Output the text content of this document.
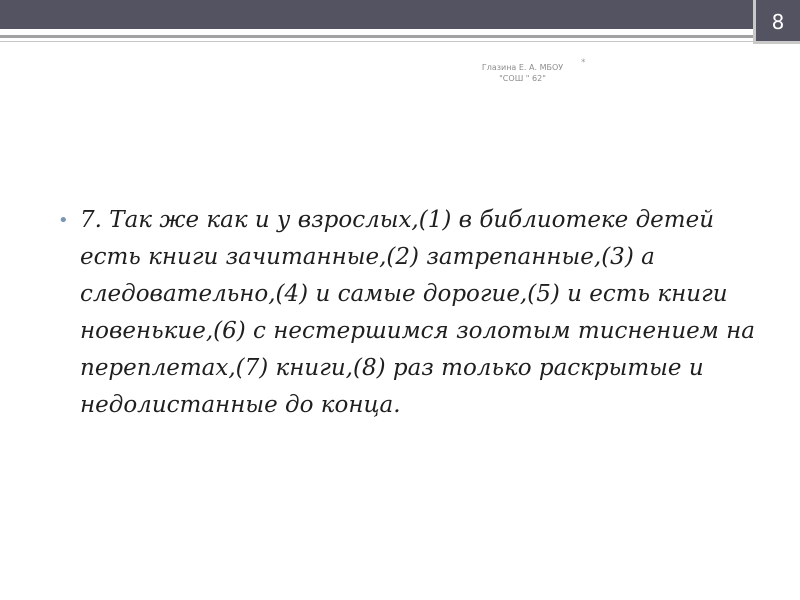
8
Глазина Е. А. МБОУ "СОШ " 62"
*
• 7. Так же как и у взрослых,(1) в библиотеке детей есть книги зачитанные,(2) затрепанные,(3) а следовательно,(4) и самые дорогие,(5) и есть книги новенькие,(6) с нестершимся золотым тиснением на переплетах,(7) книги,(8) раз только раскрытые и недолистанные до конца.
